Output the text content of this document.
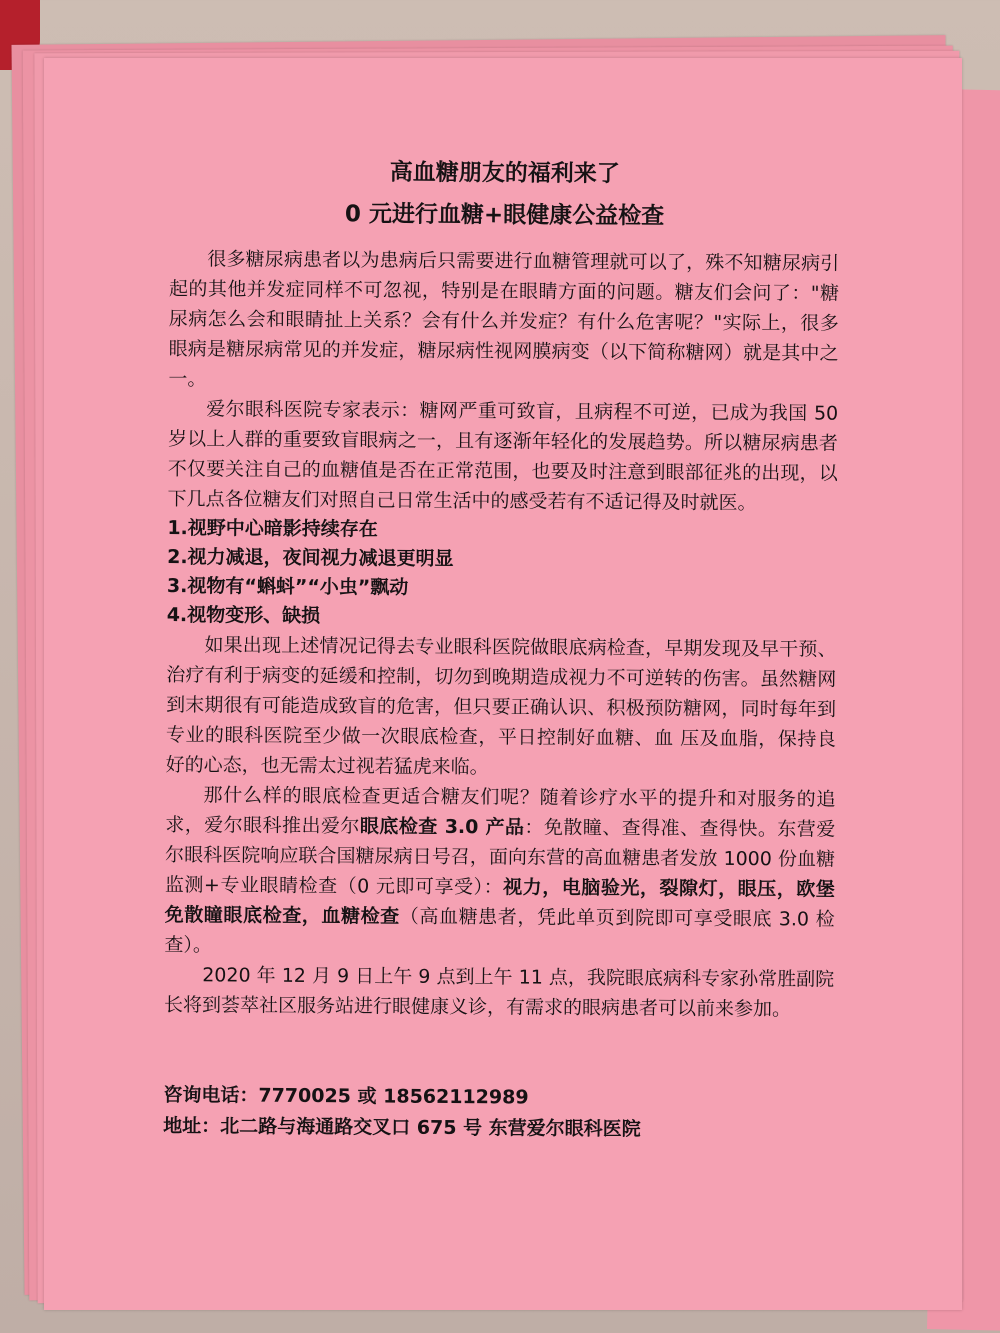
高血糖朋友的福利来了
0 元进行血糖+眼健康公益检查

很多糖尿病患者以为患病后只需要进行血糖管理就可以了，殊不知糖尿病引起的其他并发症同样不可忽视，特别是在眼睛方面的问题。糖友们会问了："糖尿病怎么会和眼睛扯上关系？会有什么并发症？有什么危害呢？"实际上，很多眼病是糖尿病常见的并发症，糖尿病性视网膜病变（以下简称糖网）就是其中之一。

爱尔眼科医院专家表示：糖网严重可致盲，且病程不可逆，已成为我国 50 岁以上人群的重要致盲眼病之一，且有逐渐年轻化的发展趋势。所以糖尿病患者不仅要关注自己的血糖值是否在正常范围，也要及时注意到眼部征兆的出现，以下几点各位糖友们对照自己日常生活中的感受若有不适记得及时就医。

1.视野中心暗影持续存在
2.视力减退，夜间视力减退更明显
3.视物有“蝌蚪”“小虫”飘动
4.视物变形、缺损

如果出现上述情况记得去专业眼科医院做眼底病检查，早期发现及早干预、治疗有利于病变的延缓和控制，切勿到晚期造成视力不可逆转的伤害。虽然糖网到末期很有可能造成致盲的危害，但只要正确认识、积极预防糖网，同时每年到专业的眼科医院至少做一次眼底检查，平日控制好血糖、血 压及血脂，保持良好的心态，也无需太过视若猛虎来临。

那什么样的眼底检查更适合糖友们呢？随着诊疗水平的提升和对服务的追求，爱尔眼科推出爱尔眼底检查 3.0 产品：免散瞳、查得准、查得快。东营爱尔眼科医院响应联合国糖尿病日号召，面向东营的高血糖患者发放 1000 份血糖监测+专业眼睛检查（0 元即可享受）：视力，电脑验光，裂隙灯，眼压，欧堡免散瞳眼底检查，血糖检查（高血糖患者，凭此单页到院即可享受眼底 3.0 检查）。

2020 年 12 月 9 日上午 9 点到上午 11 点，我院眼底病科专家孙常胜副院长将到荟萃社区服务站进行眼健康义诊，有需求的眼病患者可以前来参加。

咨询电话：7770025 或 18562112989
地址：北二路与海通路交叉口 675 号 东营爱尔眼科医院
